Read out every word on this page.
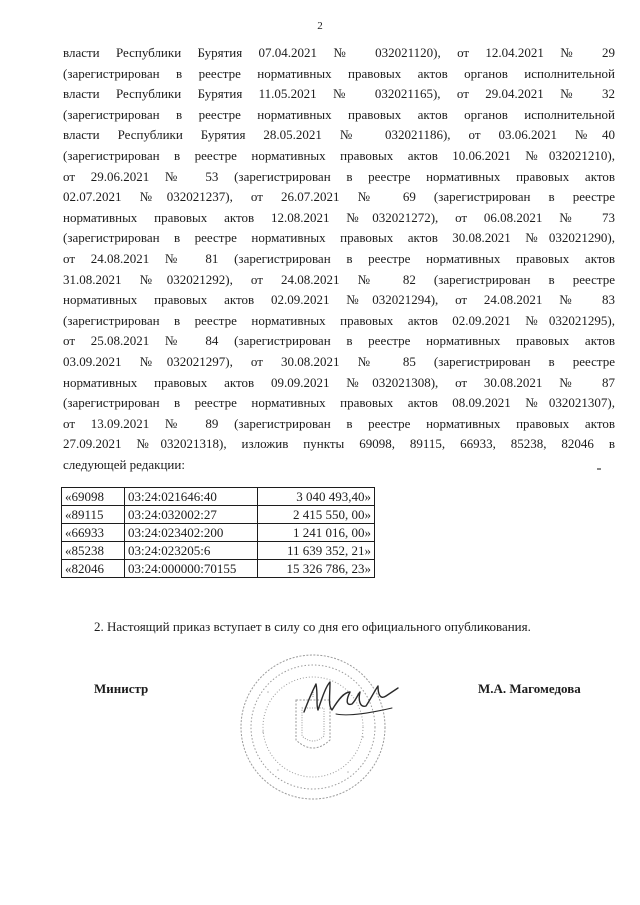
2
власти Республики Бурятия 07.04.2021 № 032021120), от 12.04.2021 № 29
(зарегистрирован в реестре нормативных правовых актов органов исполнительной
власти Республики Бурятия 11.05.2021 № 032021165), от 29.04.2021 № 32
(зарегистрирован в реестре нормативных правовых актов органов исполнительной
власти Республики Бурятия 28.05.2021 № 032021186), от 03.06.2021 №40
(зарегистрирован в реестре нормативных правовых актов 10.06.2021 №032021210),
от 29.06.2021 № 53 (зарегистрирован в реестре нормативных правовых актов
02.07.2021 №032021237), от 26.07.2021 № 69 (зарегистрирован в реестре
нормативных правовых актов 12.08.2021 №032021272), от 06.08.2021 № 73
(зарегистрирован в реестре нормативных правовых актов 30.08.2021 №032021290),
от 24.08.2021 № 81 (зарегистрирован в реестре нормативных правовых актов
31.08.2021 №032021292), от 24.08.2021 № 82 (зарегистрирован в реестре
нормативных правовых актов 02.09.2021 №032021294), от 24.08.2021 № 83
(зарегистрирован в реестре нормативных правовых актов 02.09.2021 №032021295),
от 25.08.2021 № 84 (зарегистрирован в реестре нормативных правовых актов
03.09.2021 №032021297), от 30.08.2021 № 85 (зарегистрирован в реестре
нормативных правовых актов 09.09.2021 №032021308), от 30.08.2021 № 87
(зарегистрирован в реестре нормативных правовых актов 08.09.2021 №032021307),
от 13.09.2021 № 89 (зарегистрирован в реестре нормативных правовых актов
27.09.2021 №032021318), изложив пункты 69098, 89115, 66933, 85238, 82046 в
следующей редакции:
«69098	03:24:021646:40	3 040 493,40»
«89115	03:24:032002:27	2 415 550, 00»
«66933	03:24:023402:200	1 241 016, 00»
«85238	03:24:023205:6	11 639 352, 21»
«82046	03:24:000000:70155	15 326 786, 23»
2. Настоящий приказ вступает в силу со дня его официального опубликования.
Министр	М.А. Магомедова
